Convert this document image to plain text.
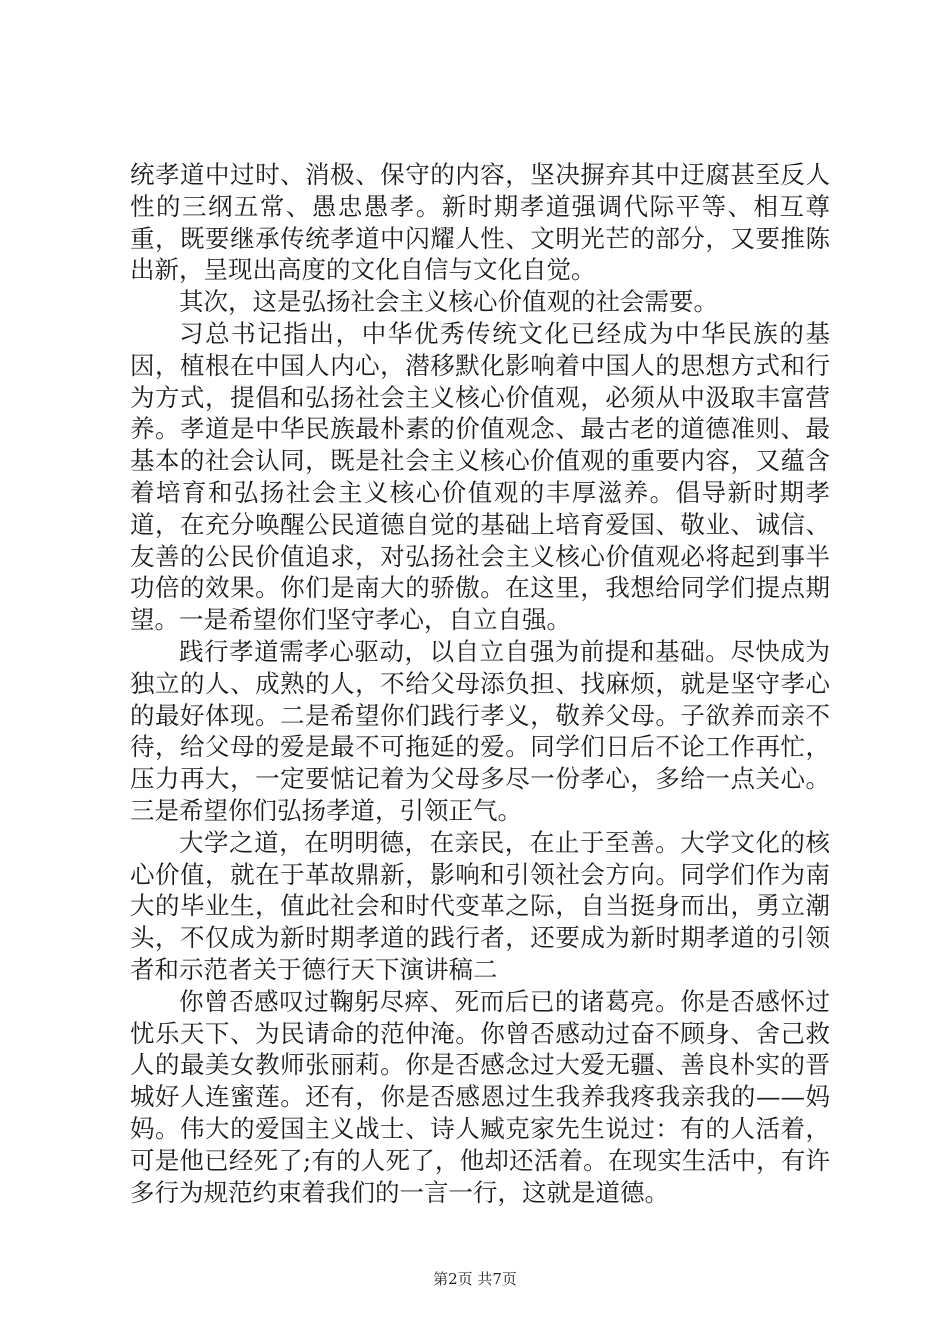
统孝道中过时、消极、保守的内容，坚决摒弃其中迂腐甚至反人性的三纲五常、愚忠愚孝。新时期孝道强调代际平等、相互尊重，既要继承传统孝道中闪耀人性、文明光芒的部分，又要推陈出新，呈现出高度的文化自信与文化自觉。

其次，这是弘扬社会主义核心价值观的社会需要。

习总书记指出，中华优秀传统文化已经成为中华民族的基因，植根在中国人内心，潜移默化影响着中国人的思想方式和行为方式，提倡和弘扬社会主义核心价值观，必须从中汲取丰富营养。孝道是中华民族最朴素的价值观念、最古老的道德准则、最基本的社会认同，既是社会主义核心价值观的重要内容，又蕴含着培育和弘扬社会主义核心价值观的丰厚滋养。倡导新时期孝道，在充分唤醒公民道德自觉的基础上培育爱国、敬业、诚信、友善的公民价值追求，对弘扬社会主义核心价值观必将起到事半功倍的效果。你们是南大的骄傲。在这里，我想给同学们提点期望。一是希望你们坚守孝心，自立自强。

践行孝道需孝心驱动，以自立自强为前提和基础。尽快成为独立的人、成熟的人，不给父母添负担、找麻烦，就是坚守孝心的最好体现。二是希望你们践行孝义，敬养父母。子欲养而亲不待，给父母的爱是最不可拖延的爱。同学们日后不论工作再忙，压力再大，一定要惦记着为父母多尽一份孝心，多给一点关心。三是希望你们弘扬孝道，引领正气。

大学之道，在明明德，在亲民，在止于至善。大学文化的核心价值，就在于革故鼎新，影响和引领社会方向。同学们作为南大的毕业生，值此社会和时代变革之际，自当挺身而出，勇立潮头，不仅成为新时期孝道的践行者，还要成为新时期孝道的引领者和示范者关于德行天下演讲稿二

你曾否感叹过鞠躬尽瘁、死而后已的诸葛亮。你是否感怀过忧乐天下、为民请命的范仲淹。你曾否感动过奋不顾身、舍己救人的最美女教师张丽莉。你是否感念过大爱无疆、善良朴实的晋城好人连蜜莲。还有，你是否感恩过生我养我疼我亲我的——妈妈。伟大的爱国主义战士、诗人臧克家先生说过：有的人活着，可是他已经死了;有的人死了，他却还活着。在现实生活中，有许多行为规范约束着我们的一言一行，这就是道德。

第2页 共7页
